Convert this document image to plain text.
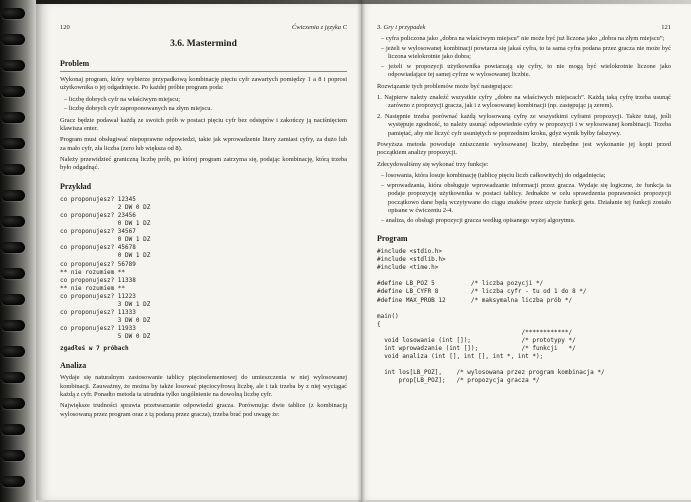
120	Ćwiczenia z języka C
3.6. Mastermind
Problem
Wykonaj program, który wybierze przypadkową kombinację pięciu cyfr zawartych pomiędzy 1 a 8 i poprosi użytkownika o jej odgadnięcie. Po każdej próbie program poda:
– liczbę dobrych cyfr na właściwym miejscu;
– liczbę dobrych cyfr zaproponowanych na złym miejscu.
Gracz będzie podawał każdą ze swoich prób w postaci pięciu cyfr bez odstępów i zakończy ją naciśnięciem klawisza enter.
Program musi obsługiwać niepoprawne odpowiedzi, takie jak wprowadzenie litery zamiast cyfry, za dużo lub za mało cyfr, zła liczba (zero lub większa od 8).
Należy przewidzieć graniczną liczbę prób, po której program zatrzyma się, podając kombinację, którą trzeba było odgadnąć.
Przykład
co proponujesz? 12345
2 DW 0 DZ
co proponujesz? 23456
0 DW 1 DZ
co proponujesz? 34567
0 DW 1 DZ
co proponujesz? 45678
0 DW 1 DZ
co proponujesz? 56789
** nie rozumiem **
co proponujesz? 11338
** nie rozumiem **
co proponujesz? 11223
3 DW 1 DZ
co proponujesz? 11333
3 DW 0 DZ
co proponujesz? 11933
5 DW 0 DZ
zgadłeś w 7 próbach
Analiza
Wydaje się naturalnym zastosowanie tablicy pięcioelementowej do umieszczenia w niej wylosowanej kombinacji. Zauważmy, że można by także losować pięciocyfrową liczbę, ale i tak trzeba by z niej wyciągać każdą z cyfr. Ponadto metoda ta utrudnia tylko uogólnienie na dowolną liczbę cyfr.
Największe trudności sprawia przetwarzanie odpowiedzi gracza. Porównując dwie tablice (z kombinacją wylosowaną przez program oraz z tą podaną przez gracza), trzeba brać pod uwagę że:
3. Gry i przypadek	121
– cyfra policzona jako „dobra na właściwym miejscu” nie może być już liczona jako „dobra na złym miejscu”;
– jeżeli w wylosowanej kombinacji powtarza się jakaś cyfra, to ta sama cyfra podana przez gracza nie może być liczona wielokrotnie jako dobra;
– jeżeli w propozycji użytkownika powtarzają się cyfry, to nie mogą być wielokrotnie liczone jako odpowiadające tej samej cyfrze w wylosowanej liczbie.
Rozwiązanie tych problemów może być następujące:
1. Najpierw należy znaleźć wszystkie cyfry „dobre na właściwych miejscach”. Każdą taką cyfrę trzeba usunąć zarówno z propozycji gracza, jak i z wylosowanej kombinacji (np. zastępując ją zerem).
2. Następnie trzeba porównać każdą wylosowaną cyfrę ze wszystkimi cyframi propozycji. Także tutaj, jeśli występuje zgodność, to należy usunąć odpowiednie cyfry w propozycji i w wylosowanej kombinacji. Trzeba pamiętać, aby nie liczyć cyfr usuniętych w poprzednim kroku, gdyż wynik byłby fałszywy.
Powyższa metoda powoduje zniszczenie wylosowanej liczby, niezbędne jest wykonanie jej kopii przed początkiem analizy propozycji.
Zdecydowaliśmy się wykonać trzy funkcje:
– losowania, która losuje kombinację (tablicę pięciu liczb całkowitych) do odgadnięcia;
– wprowadzania, która obsługuje wprowadzanie informacji przez gracza. Wydaje się logiczne, że funkcja ta podaje propozycję użytkownika w postaci tablicy. Jednakże w celu sprawdzenia poprawności propozycji początkowo dane będą wczytywane do ciągu znaków przez użycie funkcji gets. Działanie tej funkcji zostało opisane w ćwiczeniu 2-4.
– analiza, do obsługi propozycji gracza według opisanego wyżej algorytmu.
Program
#include <stdio.h>
#include <stdlib.h>
#include <time.h>
#define LB_POZ 5          /* liczba pozycji */
#define LB_CYFR 8         /* liczba cyfr - tu od 1 do 8 */
#define MAX_PROB 12       /* maksymalna liczba prób */
main()
{
/************/
void losowanie (int []);              /* prototypy */
int wprowadzanie (int []);            /* funkcji   */
void analiza (int [], int [], int *, int *);
int los[LB_POZ],    /* wylosowana przez program kombinacja */
prop[LB_POZ];   /* propozycja gracza */
